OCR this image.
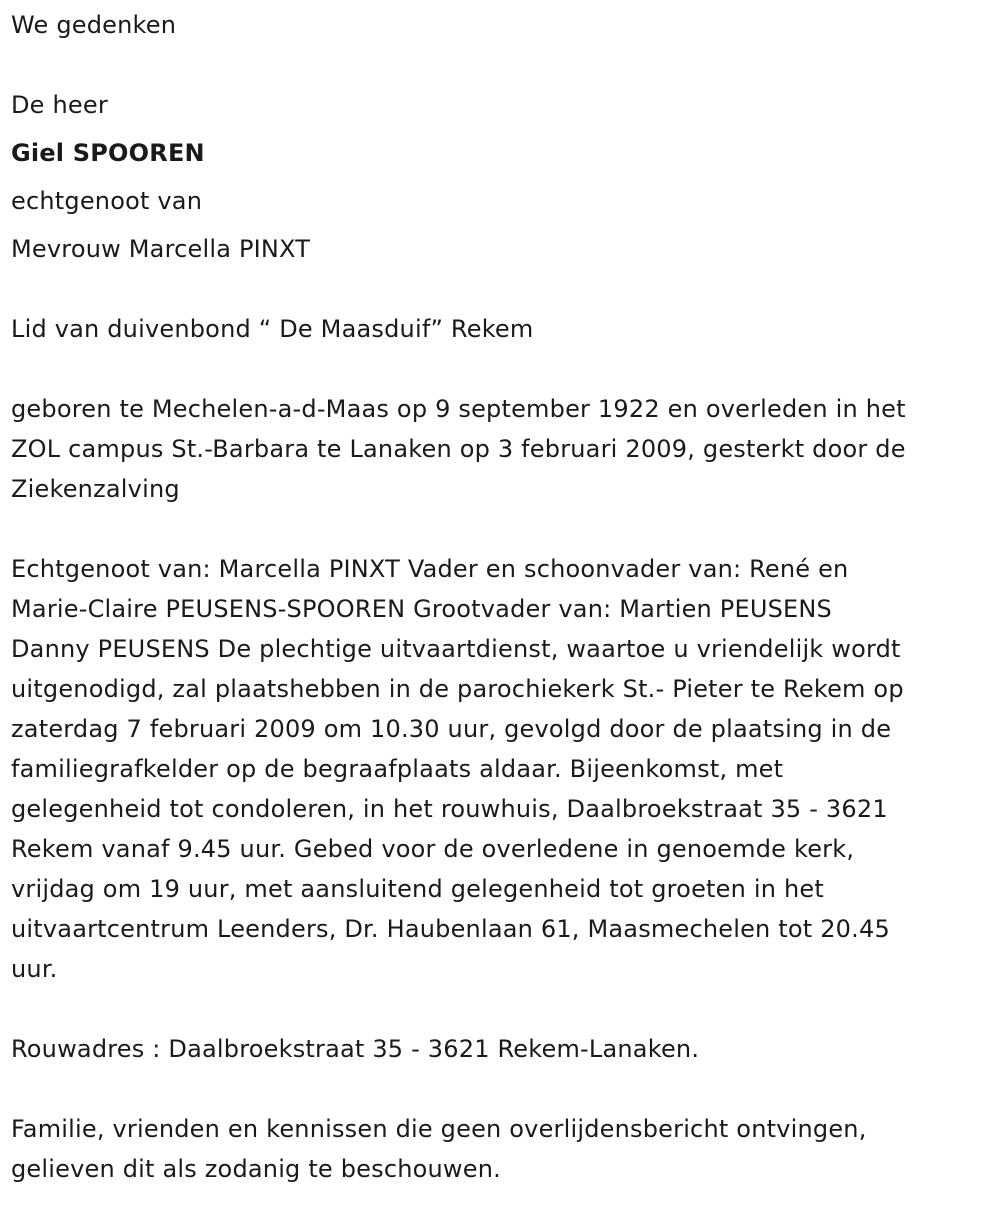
We gedenken
De heer
Giel SPOOREN
echtgenoot van
Mevrouw Marcella PINXT
Lid van duivenbond “ De Maasduif” Rekem
geboren te Mechelen-a-d-Maas op 9 september 1922 en overleden in het
ZOL campus St.-Barbara te Lanaken op 3 februari 2009, gesterkt door de
Ziekenzalving
Echtgenoot van: Marcella PINXT Vader en schoonvader van: René en
Marie-Claire PEUSENS-SPOOREN Grootvader van: Martien PEUSENS
Danny PEUSENS De plechtige uitvaartdienst, waartoe u vriendelijk wordt
uitgenodigd, zal plaatshebben in de parochiekerk St.- Pieter te Rekem op
zaterdag 7 februari 2009 om 10.30 uur, gevolgd door de plaatsing in de
familiegrafkelder op de begraafplaats aldaar. Bijeenkomst, met
gelegenheid tot condoleren, in het rouwhuis, Daalbroekstraat 35 - 3621
Rekem vanaf 9.45 uur. Gebed voor de overledene in genoemde kerk,
vrijdag om 19 uur, met aansluitend gelegenheid tot groeten in het
uitvaartcentrum Leenders, Dr. Haubenlaan 61, Maasmechelen tot 20.45
uur.
Rouwadres : Daalbroekstraat 35 - 3621 Rekem-Lanaken.
Familie, vrienden en kennissen die geen overlijdensbericht ontvingen,
gelieven dit als zodanig te beschouwen.
